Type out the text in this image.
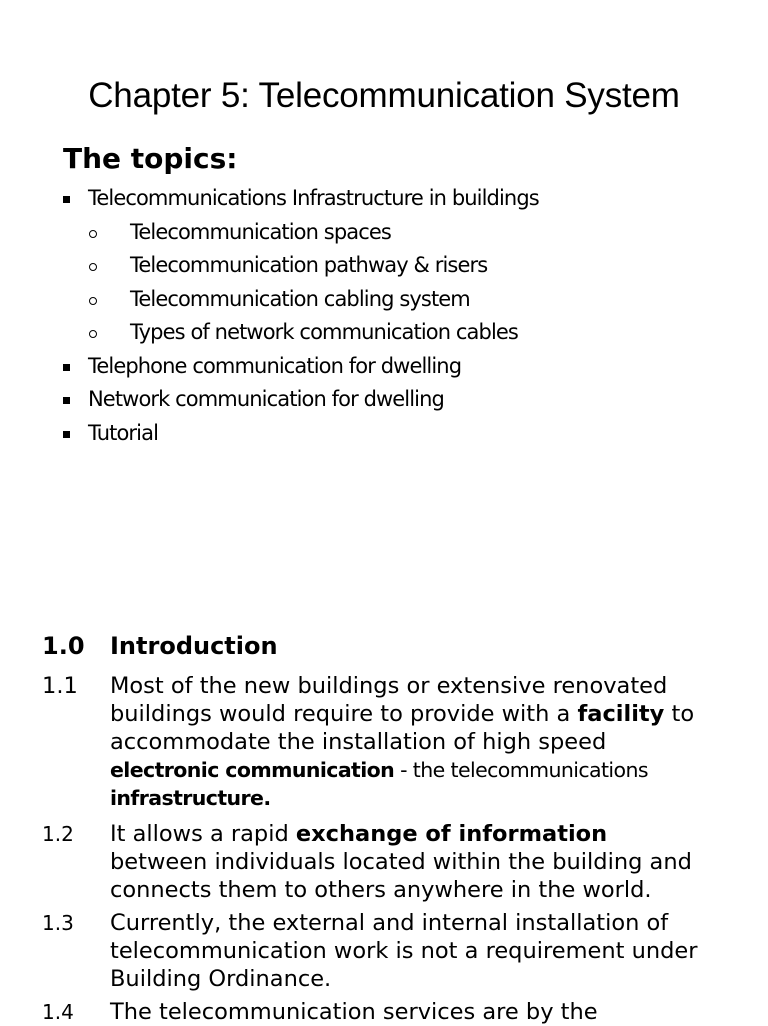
Chapter 5: Telecommunication System
The topics:
Telecommunications Infrastructure in buildings
Telecommunication spaces
Telecommunication pathway & risers
Telecommunication cabling system
Types of network communication cables
Telephone communication for dwelling
Network communication for dwelling
Tutorial
1.0 Introduction
1.1 Most of the new buildings or extensive renovated
buildings would require to provide with a facility to
accommodate the installation of high speed
electronic communication - the telecommunications
infrastructure.
1.2 It allows a rapid exchange of information
between individuals located within the building and
connects them to others anywhere in the world.
1.3 Currently, the external and internal installation of
telecommunication work is not a requirement under
Building Ordinance.
1.4 The telecommunication services are by the
